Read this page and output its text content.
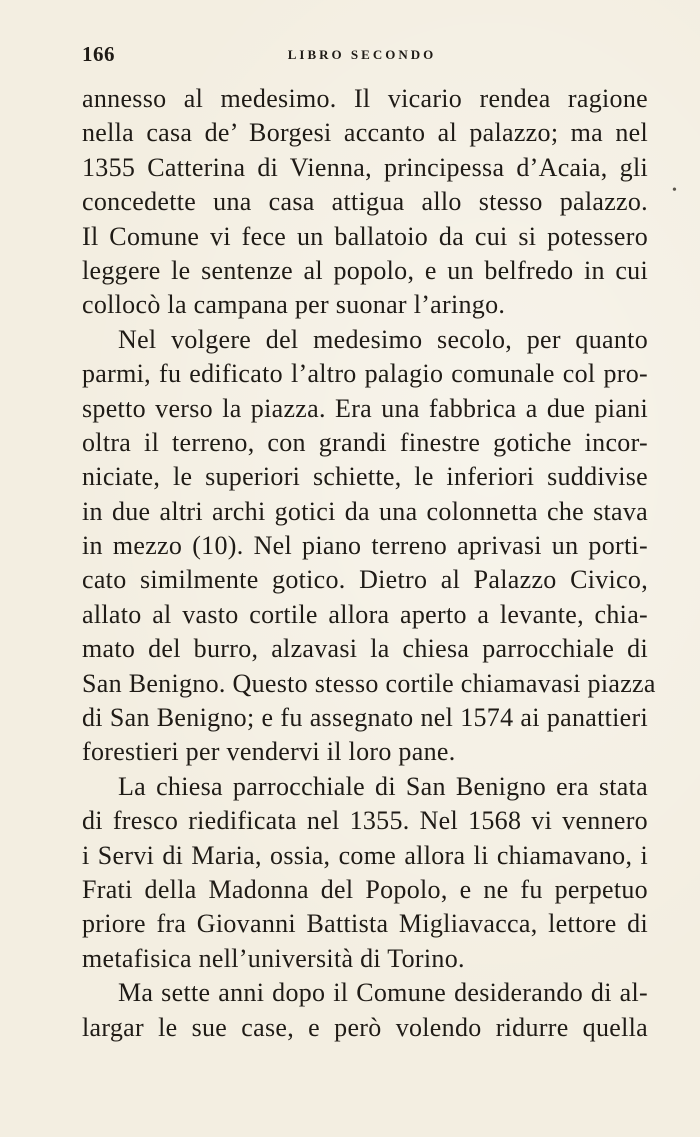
166	LIBRO SECONDO
•
annesso al medesimo. Il vicario rendea ragione
nella casa de’ Borgesi accanto al palazzo; ma nel
1355 Catterina di Vienna, principessa d’Acaia, gli
concedette una casa attigua allo stesso palazzo.
Il Comune vi fece un ballatoio da cui si potessero
leggere le sentenze al popolo, e un belfredo in cui
collocò la campana per suonar l’aringo.
Nel volgere del medesimo secolo, per quanto
parmi, fu edificato l’altro palagio comunale col pro-
spetto verso la piazza. Era una fabbrica a due piani
oltra il terreno, con grandi finestre gotiche incor-
niciate, le superiori schiette, le inferiori suddivise
in due altri archi gotici da una colonnetta che stava
in mezzo (10). Nel piano terreno aprivasi un porti-
cato similmente gotico. Dietro al Palazzo Civico,
allato al vasto cortile allora aperto a levante, chia-
mato del burro, alzavasi la chiesa parrocchiale di
San Benigno. Questo stesso cortile chiamavasi piazza
di San Benigno; e fu assegnato nel 1574 ai panattieri
forestieri per vendervi il loro pane.
La chiesa parrocchiale di San Benigno era stata
di fresco riedificata nel 1355. Nel 1568 vi vennero
i Servi di Maria, ossia, come allora li chiamavano, i
Frati della Madonna del Popolo, e ne fu perpetuo
priore fra Giovanni Battista Migliavacca, lettore di
metafisica nell’università di Torino.
Ma sette anni dopo il Comune desiderando di al-
largar le sue case, e però volendo ridurre quella
